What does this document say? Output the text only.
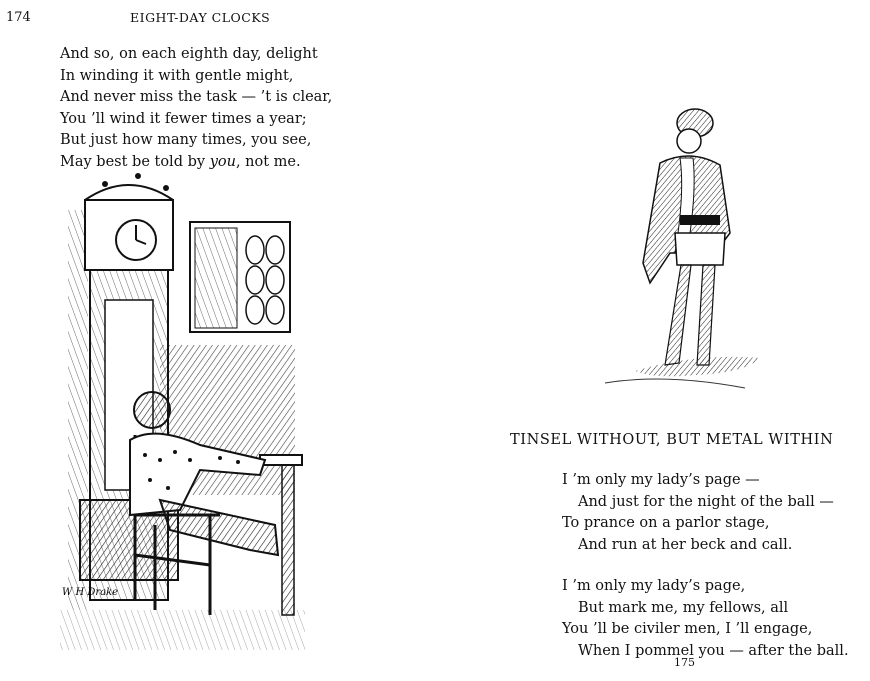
174	EIGHT-DAY CLOCKS
And so, on each eighth day, delight
In winding it with gentle might,
And never miss the task — ’t is clear,
You ’ll wind it fewer times a year;
But just how many times, you see,
May best be told by you, not me.
W H Drake
TINSEL WITHOUT, BUT METAL WITHIN
I ’m only my lady’s page —
And just for the night of the ball —
To prance on a parlor stage,
And run at her beck and call.
I ’m only my lady’s page,
But mark me, my fellows, all
You ’ll be civiler men, I ’ll engage,
When I pommel you — after the ball.
175
